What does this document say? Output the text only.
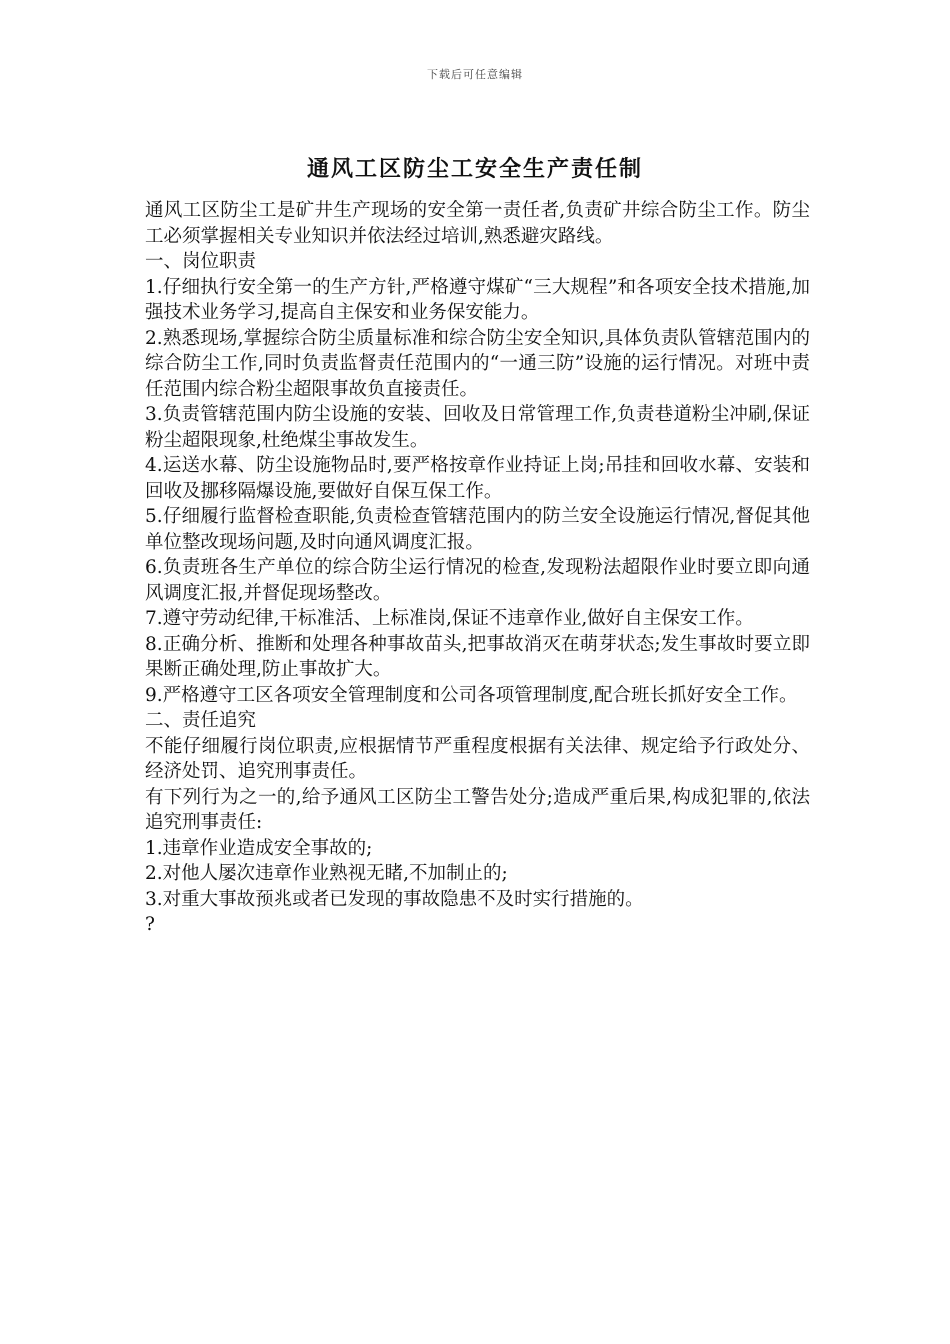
下载后可任意编辑
通风工区防尘工安全生产责任制

通风工区防尘工是矿井生产现场的安全第一责任者,负责矿井综合防尘工作。防尘工必须掌握相关专业知识并依法经过培训,熟悉避灾路线。

一、岗位职责

1.仔细执行安全第一的生产方针,严格遵守煤矿“三大规程”和各项安全技术措施,加强技术业务学习,提高自主保安和业务保安能力。

2.熟悉现场,掌握综合防尘质量标准和综合防尘安全知识,具体负责队管辖范围内的综合防尘工作,同时负责监督责任范围内的“一通三防”设施的运行情况。对班中责任范围内综合粉尘超限事故负直接责任。

3.负责管辖范围内防尘设施的安装、回收及日常管理工作,负责巷道粉尘冲刷,保证粉尘超限现象,杜绝煤尘事故发生。

4.运送水幕、防尘设施物品时,要严格按章作业持证上岗;吊挂和回收水幕、安装和回收及挪移隔爆设施,要做好自保互保工作。

5.仔细履行监督检查职能,负责检查管辖范围内的防兰安全设施运行情况,督促其他单位整改现场问题,及时向通风调度汇报。

6.负责班各生产单位的综合防尘运行情况的检查,发现粉法超限作业时要立即向通风调度汇报,并督促现场整改。

7.遵守劳动纪律,干标准活、上标准岗,保证不违章作业,做好自主保安工作。

8.正确分析、推断和处理各种事故苗头,把事故消灭在萌芽状态;发生事故时要立即果断正确处理,防止事故扩大。

9.严格遵守工区各项安全管理制度和公司各项管理制度,配合班长抓好安全工作。

二、责任追究

不能仔细履行岗位职责,应根据情节严重程度根据有关法律、规定给予行政处分、经济处罚、追究刑事责任。

有下列行为之一的,给予通风工区防尘工警告处分;造成严重后果,构成犯罪的,依法追究刑事责任:

1.违章作业造成安全事故的;

2.对他人屡次违章作业熟视无睹,不加制止的;

3.对重大事故预兆或者已发现的事故隐患不及时实行措施的。

?
